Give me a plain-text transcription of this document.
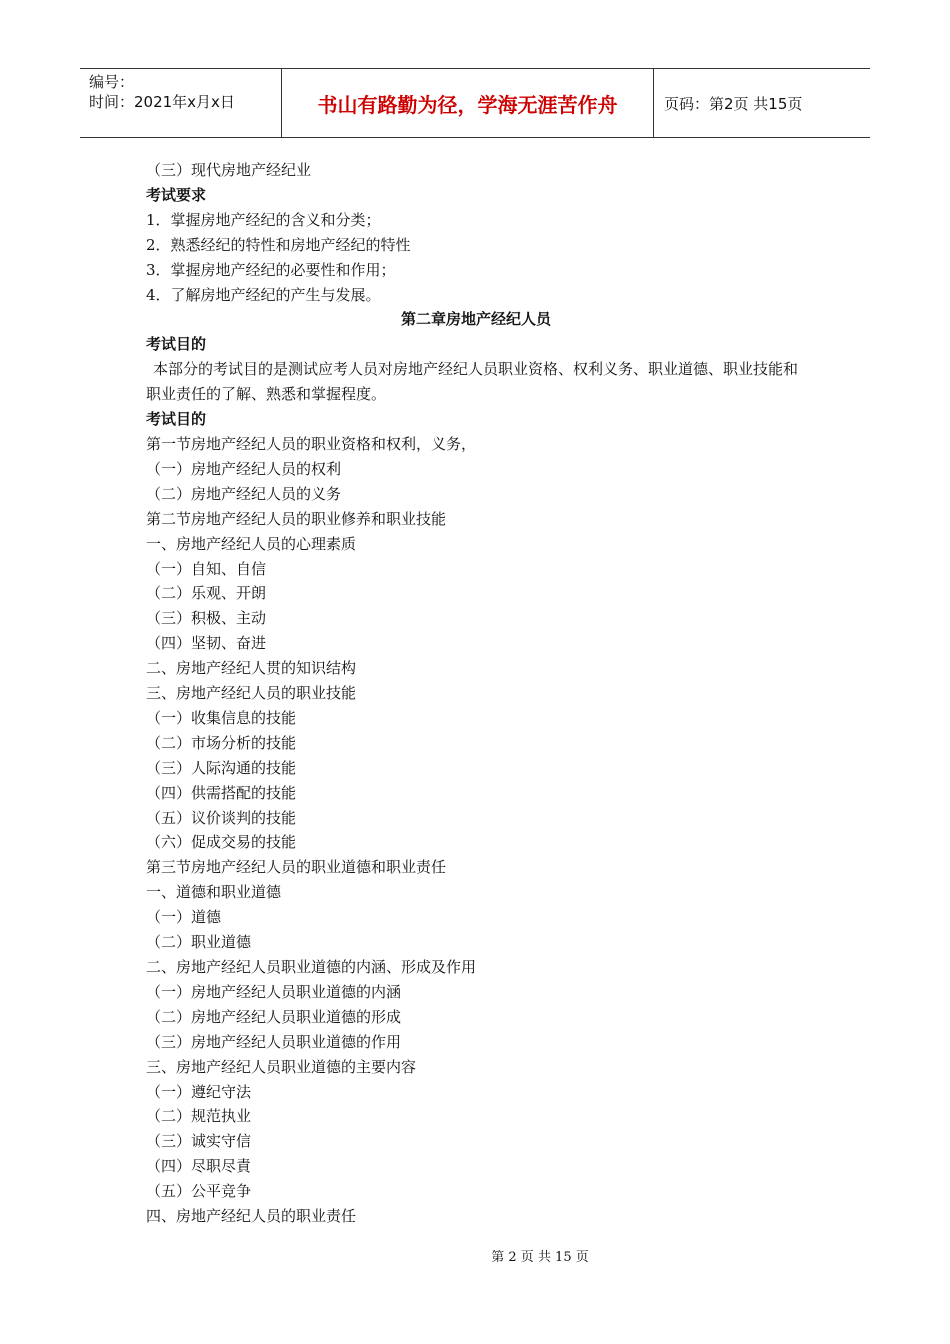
编号：
时间：2021年x月x日	书山有路勤为径，学海无涯苦作舟	页码：第2页 共15页
（三）现代房地产经纪业
考试要求
1．掌握房地产经纪的含义和分类；
2．熟悉经纪的特性和房地产经纪的特性
3．掌握房地产经纪的必要性和作用；
4．了解房地产经纪的产生与发展。
第二章房地产经纪人员
考试目的
本部分的考试目的是测试应考人员对房地产经纪人员职业资格、权利义务、职业道德、职业技能和职业责任的了解、熟悉和掌握程度。
考试目的
第一节房地产经纪人员的职业资格和权利，义务，
（一）房地产经纪人员的权利
（二）房地产经纪人员的义务
第二节房地产经纪人员的职业修养和职业技能
一、房地产经纪人员的心理素质
（一）自知、自信
（二）乐观、开朗
（三）积极、主动
（四）坚韧、奋进
二、房地产经纪人贯的知识结构
三、房地产经纪人员的职业技能
（一）收集信息的技能
（二）市场分析的技能
（三）人际沟通的技能
（四）供需搭配的技能
（五）议价谈判的技能
（六）促成交易的技能
第三节房地产经纪人员的职业道德和职业责任
一、道德和职业道德
（一）道德
（二）职业道德
二、房地产经纪人员职业道德的内涵、形成及作用
（一）房地产经纪人员职业道德的内涵
（二）房地产经纪人员职业道德的形成
（三）房地产经纪人员职业道德的作用
三、房地产经纪人员职业道德的主要内容
（一）遵纪守法
（二）规范执业
（三）诚实守信
（四）尽职尽責
（五）公平竞争
四、房地产经纪人员的职业责任
第 2 页 共 15 页
